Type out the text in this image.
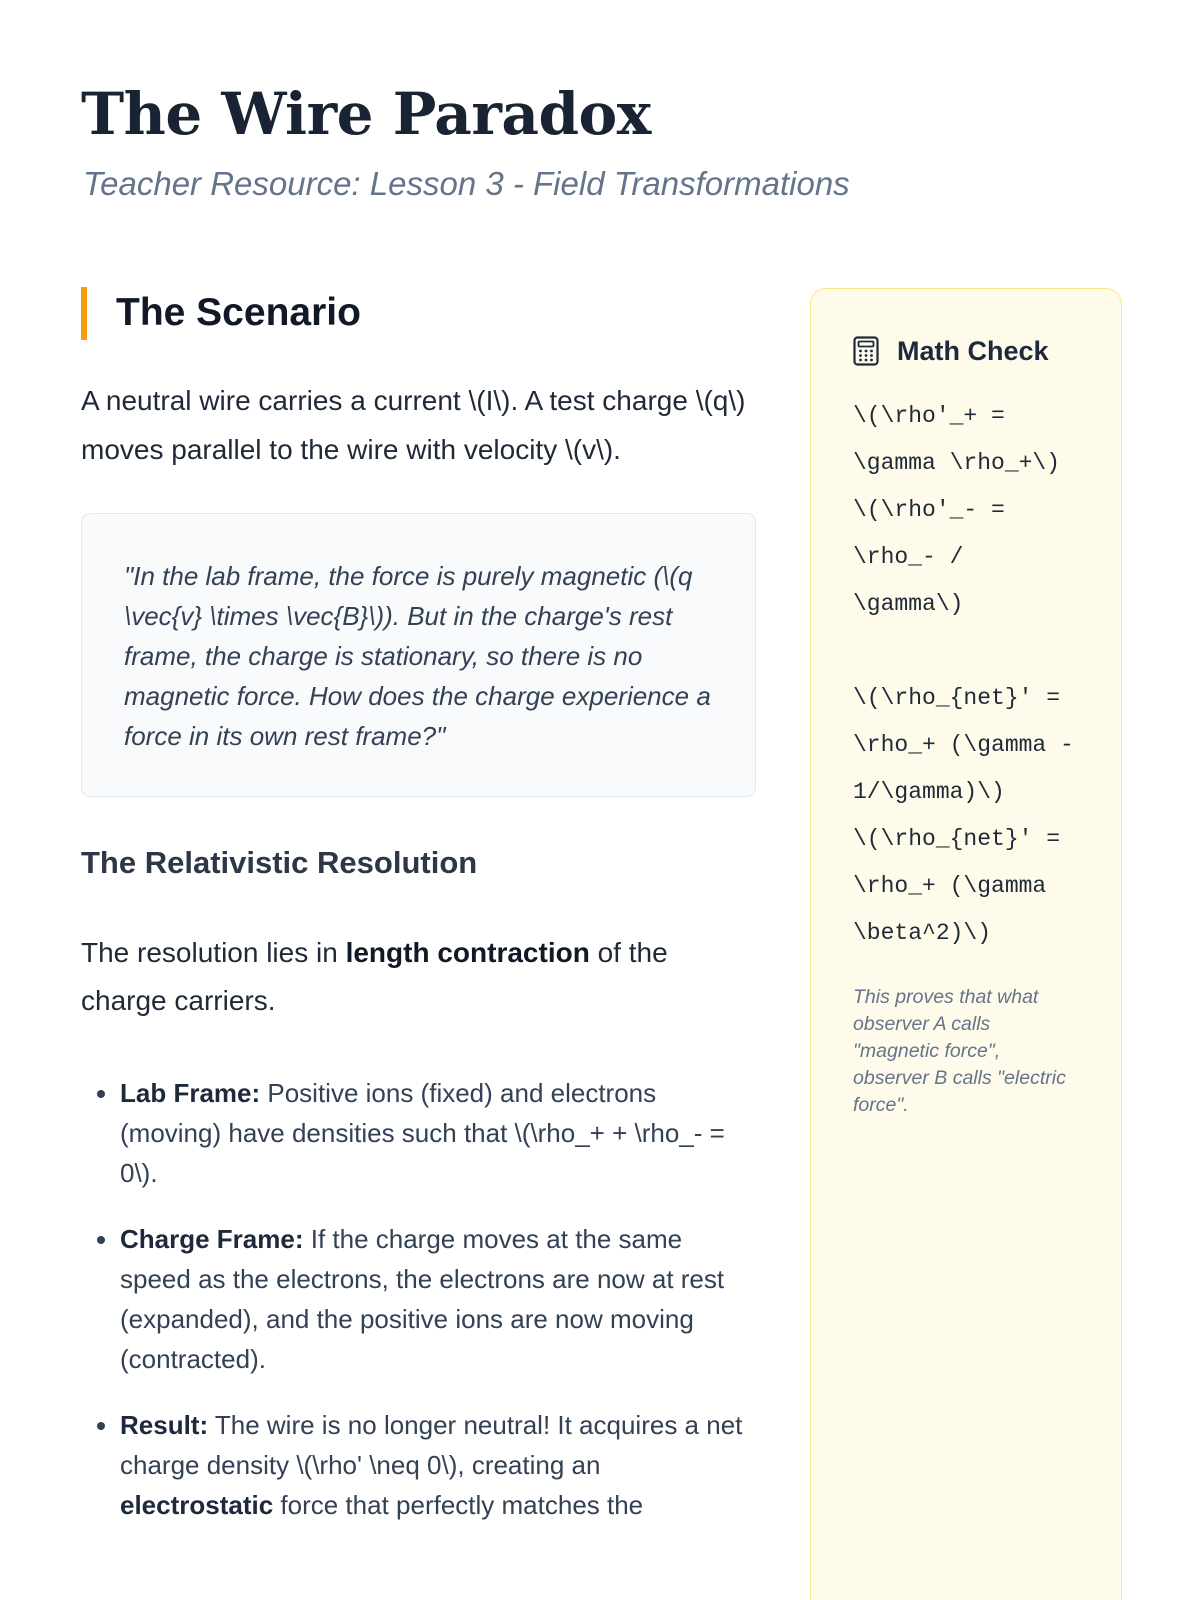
The Wire Paradox

Teacher Resource: Lesson 3 - Field Transformations

The Scenario

A neutral wire carries a current \(I\). A test charge \(q\) moves parallel to the wire with velocity \(v\).

"In the lab frame, the force is purely magnetic (\(q \vec{v} \times \vec{B}\)). But in the charge's rest frame, the charge is stationary, so there is no magnetic force. How does the charge experience a force in its own rest frame?"
The Relativistic Resolution

The resolution lies in length contraction of the charge carriers.

• Lab Frame: Positive ions (fixed) and electrons (moving) have densities such that \(\rho_+ + \rho_- = 0\).
• Charge Frame: If the charge moves at the same speed as the electrons, the electrons are now at rest (expanded), and the positive ions are now moving (contracted).
• Result: The wire is no longer neutral! It acquires a net charge density \(\rho' \neq 0\), creating an electrostatic force that perfectly matches the
Math Check
\(\rho'_+ =
\gamma \rho_+\)
\(\rho'_- =
\rho_- /
\gamma\)
\(\rho_{net}' =
\rho_+ (\gamma -
1/\gamma)\)
\(\rho_{net}' =
\rho_+ (\gamma
\beta^2)\)

This proves that what observer A calls "magnetic force", observer B calls "electric force".
